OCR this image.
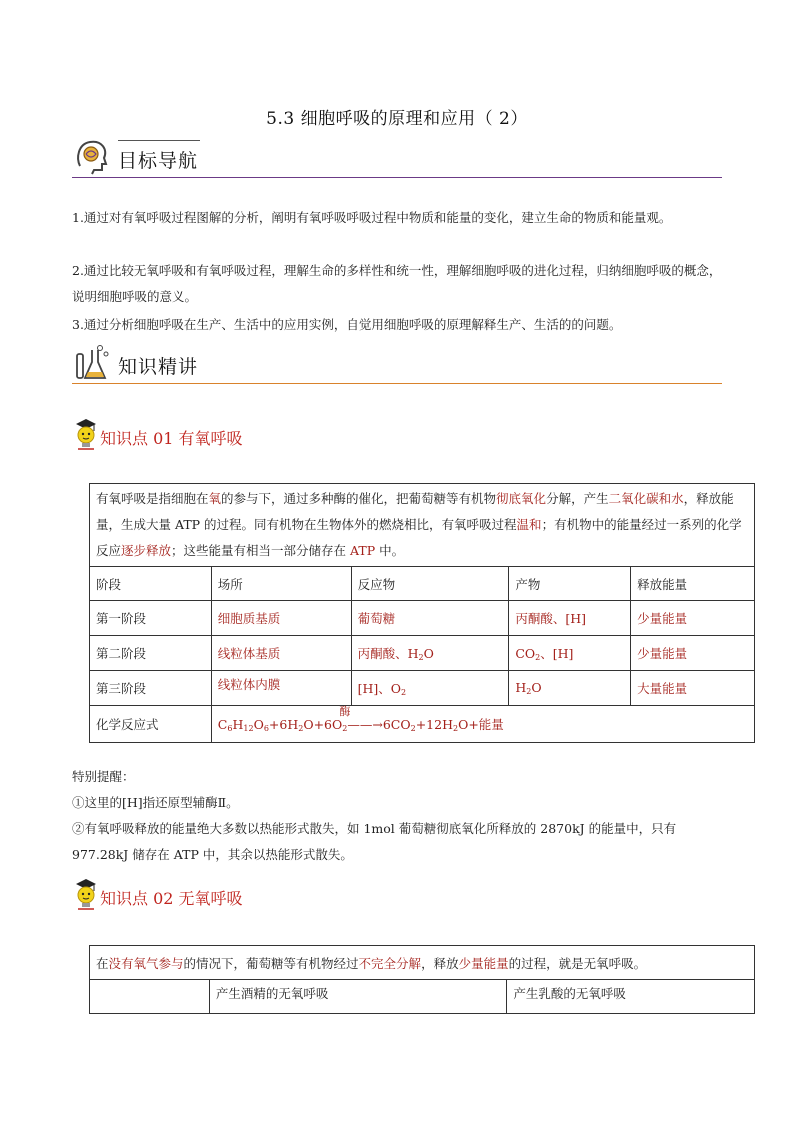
5.3 细胞呼吸的原理和应用（ 2）
目标导航
1.通过对有氧呼吸过程图解的分析，阐明有氧呼吸呼吸过程中物质和能量的变化，建立生命的物质和能量观。
2.通过比较无氧呼吸和有氧呼吸过程，理解生命的多样性和统一性，理解细胞呼吸的进化过程，归纳细胞呼吸的概念，说明细胞呼吸的意义。
3.通过分析细胞呼吸在生产、生活中的应用实例，自觉用细胞呼吸的原理解释生产、生活的的问题。
知识精讲
知识点 01 有氧呼吸
有氧呼吸是指细胞在氧的参与下，通过多种酶的催化，把葡萄糖等有机物彻底氧化分解，产生二氧化碳和水，释放能量，生成大量 ATP 的过程。同有机物在生物体外的燃烧相比，有氧呼吸过程温和；有机物中的能量经过一系列的化学反应逐步释放；这些能量有相当一部分储存在 ATP 中。				
阶段	场所	反应物	产物	释放能量
第一阶段	细胞质基质	葡萄糖	丙酮酸、[H]	少量能量
第二阶段	线粒体基质	丙酮酸、$H_2O$	$CO_2$、[H]	少量能量
第三阶段	线粒体内膜	[H]、$O_2$	$H_2O$	大量能量
化学反应式	$C_6H_{12}O_6+6H_2O+6O_2——\to$
酶
$6CO_2+12H_2O+$能量			
特别提醒：
①这里的[H]指还原型辅酶Ⅱ。
②有氧呼吸释放的能量绝大多数以热能形式散失，如 1mol 葡萄糖彻底氧化所释放的 2870kJ 的能量中，只有 977.28kJ 储存在 ATP 中，其余以热能形式散失。
知识点 02 无氧呼吸
在没有氧气参与的情况下，葡萄糖等有机物经过不完全分解，释放少量能量的过程，就是无氧呼吸。
	产生酒精的无氧呼吸	产生乳酸的无氧呼吸
